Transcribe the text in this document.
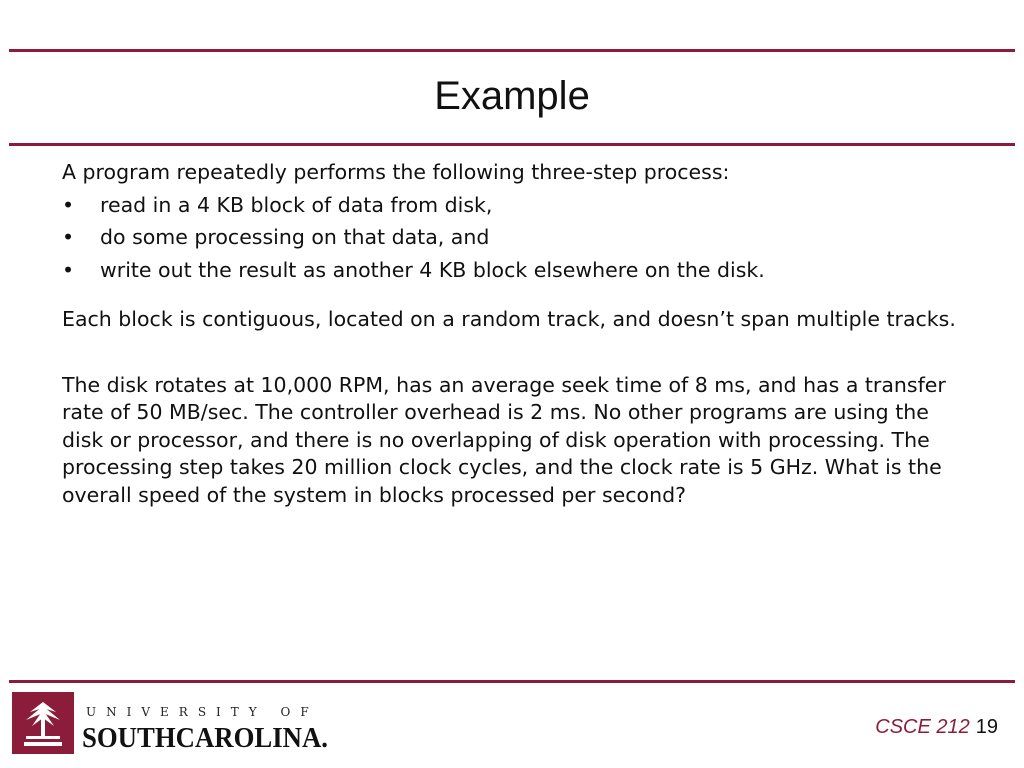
Example

A program repeatedly performs the following three-step process:

• read in a 4 KB block of data from disk,
• do some processing on that data, and
• write out the result as another 4 KB block elsewhere on the disk.

Each block is contiguous, located on a random track, and doesn’t span multiple tracks.

The disk rotates at 10,000 RPM, has an average seek time of 8 ms, and has a transfer rate of 50 MB/sec. The controller overhead is 2 ms. No other programs are using the disk or processor, and there is no overlapping of disk operation with processing. The processing step takes 20 million clock cycles, and the clock rate is 5 GHz. What is the overall speed of the system in blocks processed per second?

UNIVERSITY OF
SOUTHCAROLINA.	CSCE 212 19
